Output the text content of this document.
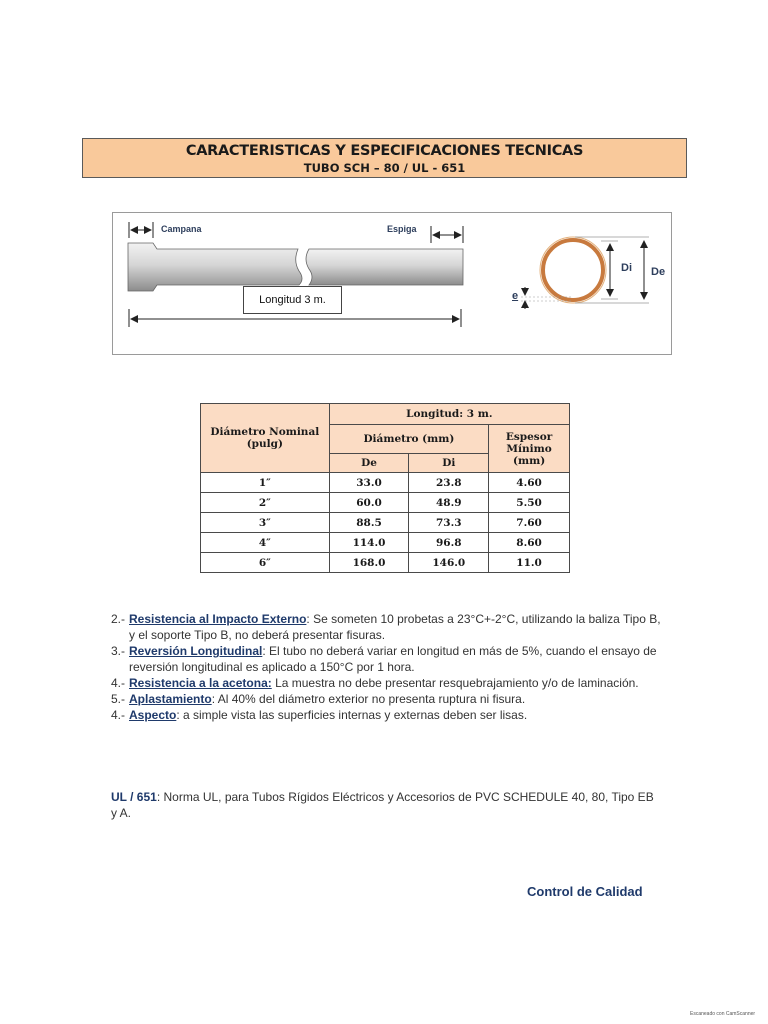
CARACTERISTICAS Y ESPECIFICACIONES TECNICAS
TUBO SCH – 80 / UL - 651
Campana	Espiga
Longitud 3 m.
Di De
e
Diámetro Nominal (pulg)	Longitud: 3 m.		
	Diámetro (mm)		Espesor Mínimo (mm)
	De	Di	
1″	33.0	23.8	4.60
2″	60.0	48.9	5.50
3″	88.5	73.3	7.60
4″	114.0	96.8	8.60
6″	168.0	146.0	11.0
2.- Resistencia al Impacto Externo: Se someten 10 probetas a 23°C+-2°C, utilizando la baliza Tipo B, y el soporte Tipo B, no deberá presentar fisuras.
3.- Reversión Longitudinal: El tubo no deberá variar en longitud en más de 5%, cuando el ensayo de reversión longitudinal es aplicado a 150°C por 1 hora.
4.- Resistencia a la acetona: La muestra no debe presentar resquebrajamiento y/o de laminación.
5.- Aplastamiento: Al 40% del diámetro exterior no presenta ruptura ni fisura.
4.- Aspecto: a simple vista las superficies internas y externas deben ser lisas.
UL / 651: Norma UL, para Tubos Rígidos Eléctricos y Accesorios de PVC SCHEDULE 40, 80, Tipo EB y A.
Control de Calidad
Escaneado con CamScanner
